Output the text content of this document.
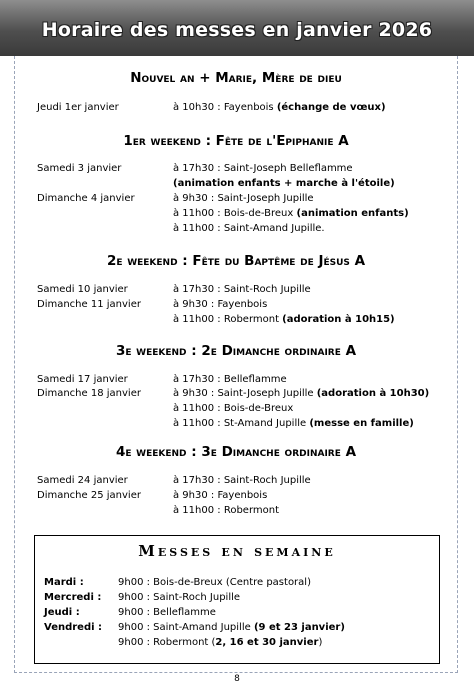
Horaire des messes en janvier 2026
Nouvel an + Marie, Mère de dieu
Jeudi 1er janvier	à 10h30 : Fayenbois (échange de vœux)
1er weekend : Fête de l'Epiphanie A
Samedi 3 janvier	à 17h30 : Saint-Joseph Belleflamme
(animation enfants + marche à l'étoile)
Dimanche 4 janvier	à 9h30 : Saint-Joseph Jupille
à 11h00 : Bois-de-Breux (animation enfants)
à 11h00 : Saint-Amand Jupille.
2e weekend : Fête du Baptême de Jésus A
Samedi 10 janvier	à 17h30 : Saint-Roch Jupille
Dimanche 11 janvier	à 9h30 : Fayenbois
à 11h00 : Robermont (adoration à 10h15)
3e weekend : 2e Dimanche ordinaire A
Samedi 17 janvier	à 17h30 : Belleflamme
Dimanche 18 janvier	à 9h30 : Saint-Joseph Jupille (adoration à 10h30)
à 11h00 : Bois-de-Breux
à 11h00 : St-Amand Jupille (messe en famille)
4e weekend : 3e Dimanche ordinaire A
Samedi 24 janvier	à 17h30 : Saint-Roch Jupille
Dimanche 25 janvier	à 9h30 : Fayenbois
à 11h00 : Robermont
Messes en semaine
Mardi :	9h00 : Bois-de-Breux (Centre pastoral)
Mercredi : 9h00 : Saint-Roch Jupille
Jeudi :	9h00 : Belleflamme
Vendredi : 9h00 : Saint-Amand Jupille (9 et 23 janvier)
9h00 : Robermont (2, 16 et 30 janvier)
8
